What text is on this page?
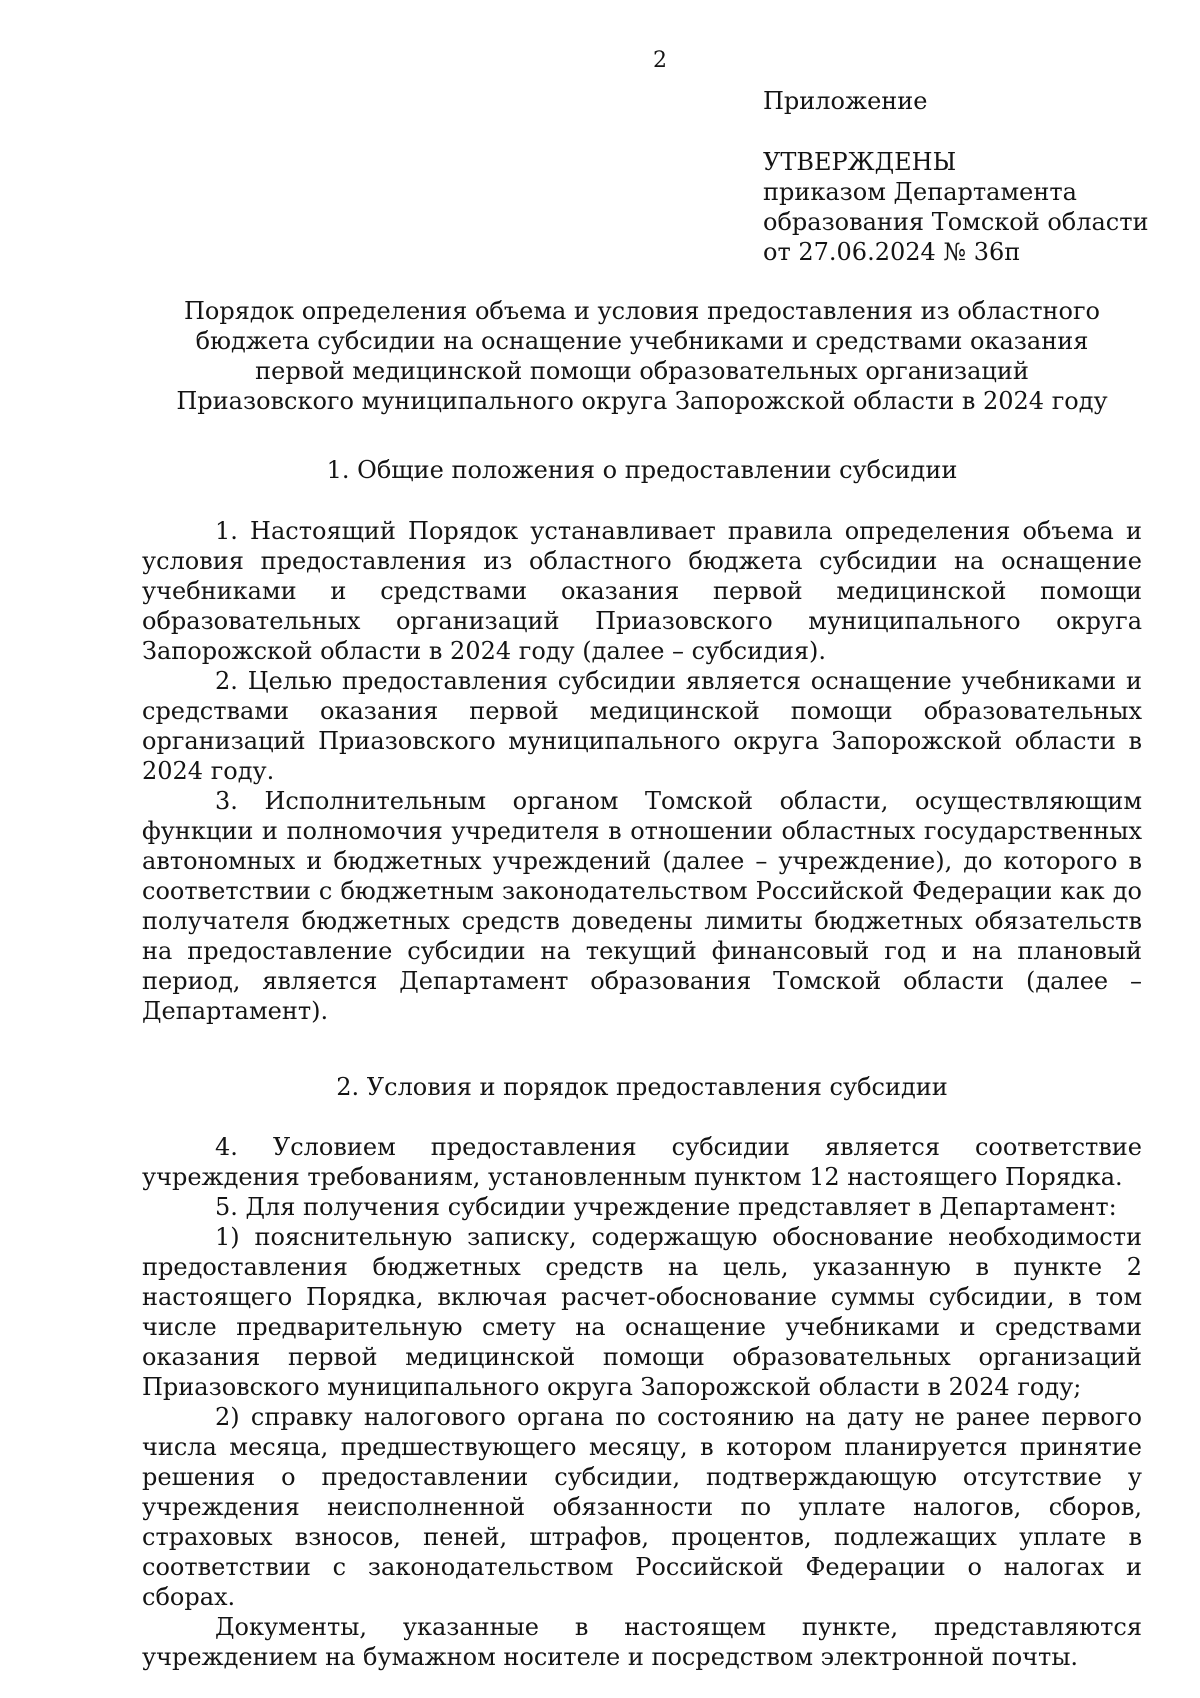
2

Приложение

УТВЕРЖДЕНЫ

приказом Департамента

образования Томской области

от 27.06.2024 № 36п

Порядок определения объема и условия предоставления из областного бюджета субсидии на оснащение учебниками и средствами оказания первой медицинской помощи образовательных организаций Приазовского муниципального округа Запорожской области в 2024 году

1. Общие положения о предоставлении субсидии

1. Настоящий Порядок устанавливает правила определения объема и условия предоставления из областного бюджета субсидии на оснащение учебниками и средствами оказания первой медицинской помощи образовательных организаций Приазовского муниципального округа Запорожской области в 2024 году (далее – субсидия).

2. Целью предоставления субсидии является оснащение учебниками и средствами оказания первой медицинской помощи образовательных организаций Приазовского муниципального округа Запорожской области в 2024 году.

3. Исполнительным органом Томской области, осуществляющим функции и полномочия учредителя в отношении областных государственных автономных и бюджетных учреждений (далее – учреждение), до которого в соответствии с бюджетным законодательством Российской Федерации как до получателя бюджетных средств доведены лимиты бюджетных обязательств на предоставление субсидии на текущий финансовый год и на плановый период, является Департамент образования Томской области (далее – Департамент).

2. Условия и порядок предоставления субсидии

4. Условием предоставления субсидии является соответствие учреждения требованиям, установленным пунктом 12 настоящего Порядка.

5. Для получения субсидии учреждение представляет в Департамент:

1) пояснительную записку, содержащую обоснование необходимости предоставления бюджетных средств на цель, указанную в пункте 2 настоящего Порядка, включая расчет-обоснование суммы субсидии, в том числе предварительную смету на оснащение учебниками и средствами оказания первой медицинской помощи образовательных организаций Приазовского муниципального округа Запорожской области в 2024 году;

2) справку налогового органа по состоянию на дату не ранее первого числа месяца, предшествующего месяцу, в котором планируется принятие решения о предоставлении субсидии, подтверждающую отсутствие у учреждения неисполненной обязанности по уплате налогов, сборов, страховых взносов, пеней, штрафов, процентов, подлежащих уплате в соответствии с законодательством Российской Федерации о налогах и сборах.

Документы, указанные в настоящем пункте, представляются учреждением на бумажном носителе и посредством электронной почты.
